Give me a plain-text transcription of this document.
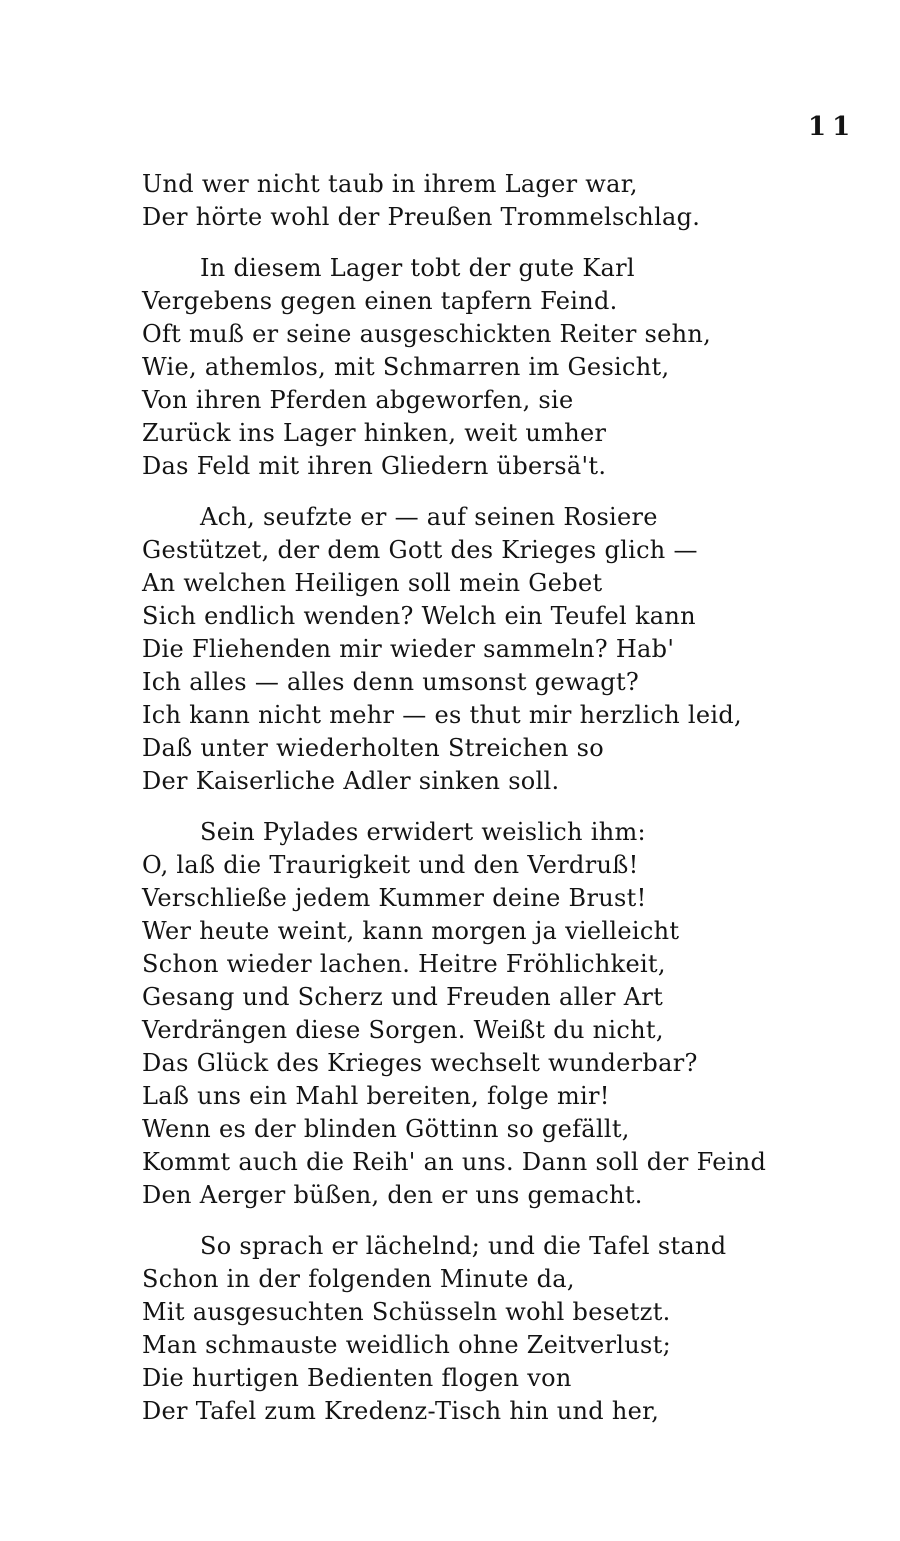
11
Und wer nicht taub in ihrem Lager war,
Der hörte wohl der Preußen Trommelschlag.
In diesem Lager tobt der gute Karl
Vergebens gegen einen tapfern Feind.
Oft muß er seine ausgeschickten Reiter sehn,
Wie, athemlos, mit Schmarren im Gesicht,
Von ihren Pferden abgeworfen, sie
Zurück ins Lager hinken, weit umher
Das Feld mit ihren Gliedern übersä't.
Ach, seufzte er — auf seinen Rosiere
Gestützet, der dem Gott des Krieges glich —
An welchen Heiligen soll mein Gebet
Sich endlich wenden? Welch ein Teufel kann
Die Fliehenden mir wieder sammeln? Hab'
Ich alles — alles denn umsonst gewagt?
Ich kann nicht mehr — es thut mir herzlich leid,
Daß unter wiederholten Streichen so
Der Kaiserliche Adler sinken soll.
Sein Pylades erwidert weislich ihm:
O, laß die Traurigkeit und den Verdruß!
Verschließe jedem Kummer deine Brust!
Wer heute weint, kann morgen ja vielleicht
Schon wieder lachen. Heitre Fröhlichkeit,
Gesang und Scherz und Freuden aller Art
Verdrängen diese Sorgen. Weißt du nicht,
Das Glück des Krieges wechselt wunderbar?
Laß uns ein Mahl bereiten, folge mir!
Wenn es der blinden Göttinn so gefällt,
Kommt auch die Reih' an uns. Dann soll der Feind
Den Aerger büßen, den er uns gemacht.
So sprach er lächelnd; und die Tafel stand
Schon in der folgenden Minute da,
Mit ausgesuchten Schüsseln wohl besetzt.
Man schmauste weidlich ohne Zeitverlust;
Die hurtigen Bedienten flogen von
Der Tafel zum Kredenz-Tisch hin und her,
